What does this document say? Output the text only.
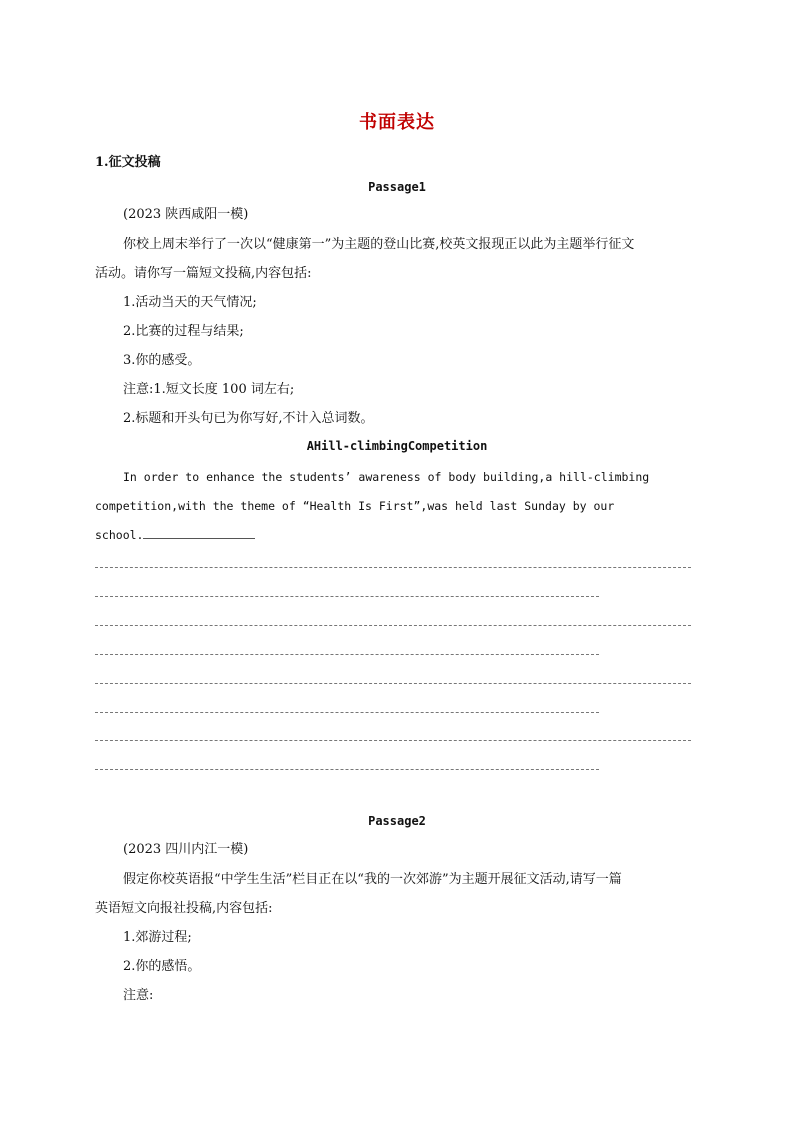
书面表达
1.征文投稿
Passage1
(2023 陕西咸阳一模)
你校上周末举行了一次以“健康第一”为主题的登山比赛,校英文报现正以此为主题举行征文
活动。请你写一篇短文投稿,内容包括:
1.活动当天的天气情况;
2.比赛的过程与结果;
3.你的感受。
注意:1.短文长度 100 词左右;
2.标题和开头句已为你写好,不计入总词数。
AHill-climbingCompetition
In order to enhance the students’ awareness of body building,a hill-climbing
competition,with the theme of “Health Is First”,was held last Sunday by our
school.
Passage2
(2023 四川内江一模)
假定你校英语报“中学生生活”栏目正在以“我的一次郊游”为主题开展征文活动,请写一篇
英语短文向报社投稿,内容包括:
1.郊游过程;
2.你的感悟。
注意:
